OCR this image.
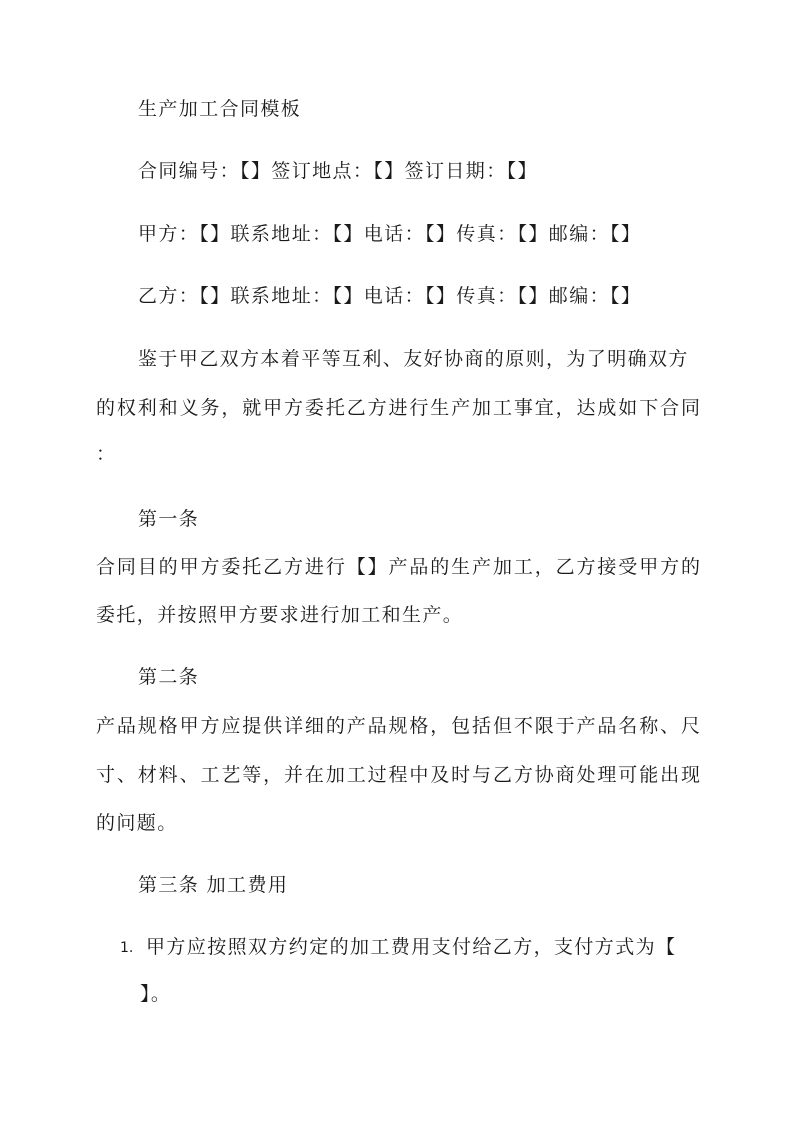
生产加工合同模板
合同编号：【】签订地点：【】签订日期：【】
甲方：【】联系地址：【】电话：【】传真：【】邮编：【】
乙方：【】联系地址：【】电话：【】传真：【】邮编：【】
鉴于甲乙双方本着平等互利、友好协商的原则，为了明确双方
的权利和义务，就甲方委托乙方进行生产加工事宜，达成如下合同
：
第一条
合同目的甲方委托乙方进行【】产品的生产加工，乙方接受甲方的
委托，并按照甲方要求进行加工和生产。
第二条
产品规格甲方应提供详细的产品规格，包括但不限于产品名称、尺
寸、材料、工艺等，并在加工过程中及时与乙方协商处理可能出现
的问题。
第三条 加工费用
1. 甲方应按照双方约定的加工费用支付给乙方，支付方式为【
】。
